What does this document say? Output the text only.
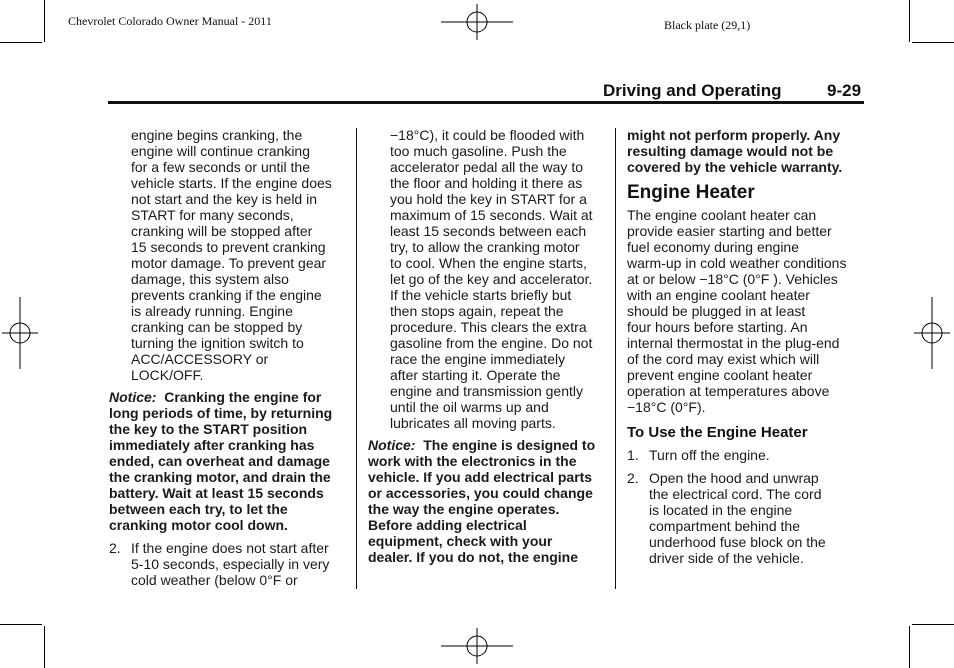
Chevrolet Colorado Owner Manual - 2011	Black plate (29,1)
Driving and Operating	9-29
engine begins cranking, the
engine will continue cranking
for a few seconds or until the
vehicle starts. If the engine does
not start and the key is held in
START for many seconds,
cranking will be stopped after
15 seconds to prevent cranking
motor damage. To prevent gear
damage, this system also
prevents cranking if the engine
is already running. Engine
cranking can be stopped by
turning the ignition switch to
ACC/ACCESSORY or
LOCK/OFF.
Notice: Cranking the engine for
long periods of time, by returning
the key to the START position
immediately after cranking has
ended, can overheat and damage
the cranking motor, and drain the
battery. Wait at least 15 seconds
between each try, to let the
cranking motor cool down.
2. If the engine does not start after
5-10 seconds, especially in very
cold weather (below 0°F or
−18°C), it could be flooded with
too much gasoline. Push the
accelerator pedal all the way to
the floor and holding it there as
you hold the key in START for a
maximum of 15 seconds. Wait at
least 15 seconds between each
try, to allow the cranking motor
to cool. When the engine starts,
let go of the key and accelerator.
If the vehicle starts briefly but
then stops again, repeat the
procedure. This clears the extra
gasoline from the engine. Do not
race the engine immediately
after starting it. Operate the
engine and transmission gently
until the oil warms up and
lubricates all moving parts.
Notice: The engine is designed to
work with the electronics in the
vehicle. If you add electrical parts
or accessories, you could change
the way the engine operates.
Before adding electrical
equipment, check with your
dealer. If you do not, the engine
might not perform properly. Any
resulting damage would not be
covered by the vehicle warranty.
Engine Heater
The engine coolant heater can
provide easier starting and better
fuel economy during engine
warm-up in cold weather conditions
at or below −18°C (0°F ). Vehicles
with an engine coolant heater
should be plugged in at least
four hours before starting. An
internal thermostat in the plug-end
of the cord may exist which will
prevent engine coolant heater
operation at temperatures above
−18°C (0°F).
To Use the Engine Heater
1. Turn off the engine.
2. Open the hood and unwrap
the electrical cord. The cord
is located in the engine
compartment behind the
underhood fuse block on the
driver side of the vehicle.
